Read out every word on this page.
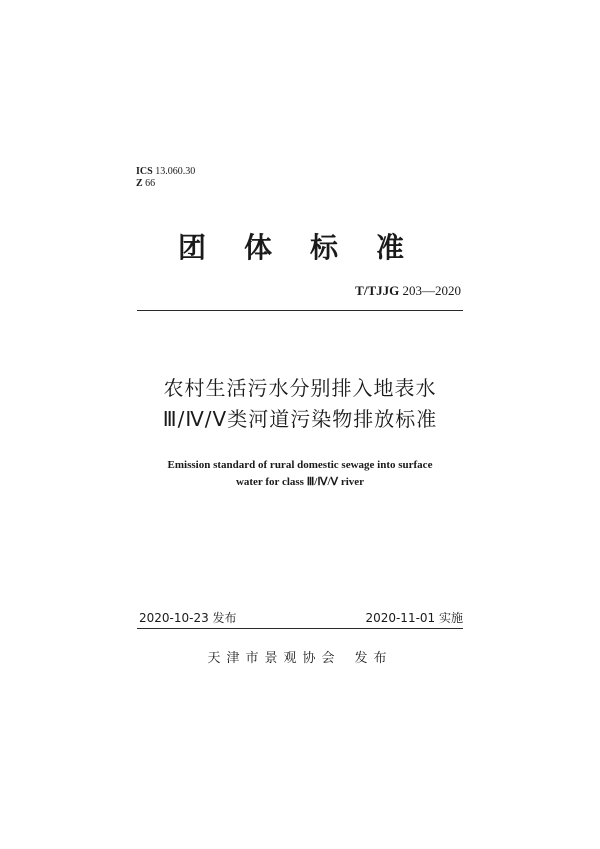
ICS 13.060.30
Z 66
团体标准
T/TJJG 203—2020
农村生活污水分别排入地表水
Ⅲ/Ⅳ/Ⅴ类河道污染物排放标准
Emission standard of rural domestic sewage into surface
water for class Ⅲ/Ⅳ/Ⅴ river
2020-10-23 发布	2020-11-01 实施
天津市景观协会 发布
